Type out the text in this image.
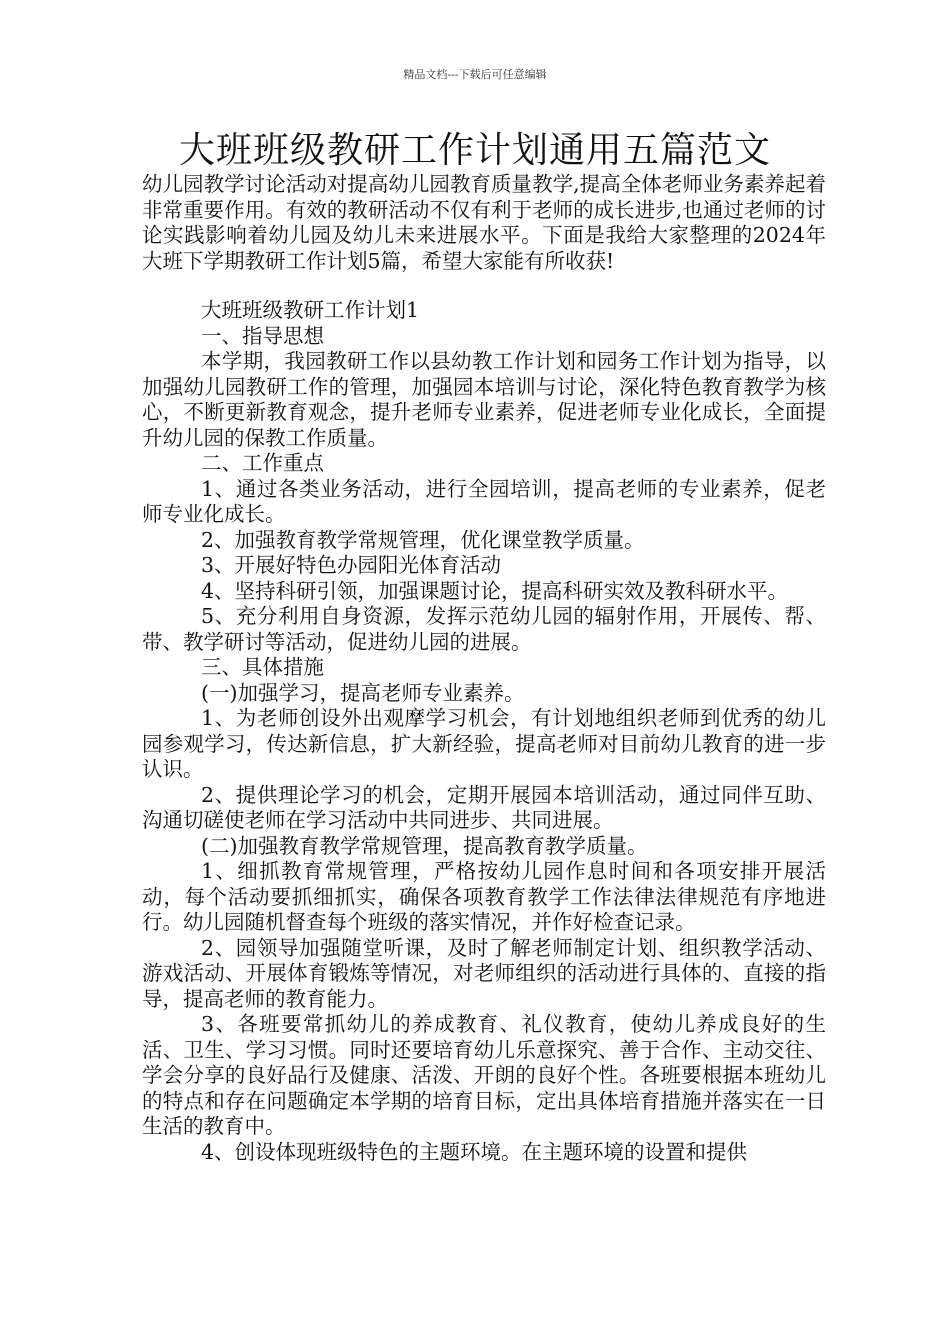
精品文档---下载后可任意编辑
大班班级教研工作计划通用五篇范文

幼儿园教学讨论活动对提高幼儿园教育质量教学,提高全体老师业务素养起着非常重要作用。有效的教研活动不仅有利于老师的成长进步,也通过老师的讨论实践影响着幼儿园及幼儿未来进展水平。下面是我给大家整理的2024年大班下学期教研工作计划5篇，希望大家能有所收获!

大班班级教研工作计划1

一、指导思想

本学期，我园教研工作以县幼教工作计划和园务工作计划为指导，以加强幼儿园教研工作的管理，加强园本培训与讨论，深化特色教育教学为核心，不断更新教育观念，提升老师专业素养，促进老师专业化成长，全面提升幼儿园的保教工作质量。

二、工作重点

1、通过各类业务活动，进行全园培训，提高老师的专业素养，促老师专业化成长。

2、加强教育教学常规管理，优化课堂教学质量。

3、开展好特色办园阳光体育活动

4、坚持科研引领，加强课题讨论，提高科研实效及教科研水平。

5、充分利用自身资源，发挥示范幼儿园的辐射作用，开展传、帮、带、教学研讨等活动，促进幼儿园的进展。

三、具体措施

(一)加强学习，提高老师专业素养。

1、为老师创设外出观摩学习机会，有计划地组织老师到优秀的幼儿园参观学习，传达新信息，扩大新经验，提高老师对目前幼儿教育的进一步认识。

2、提供理论学习的机会，定期开展园本培训活动，通过同伴互助、沟通切磋使老师在学习活动中共同进步、共同进展。

(二)加强教育教学常规管理，提高教育教学质量。

1、细抓教育常规管理，严格按幼儿园作息时间和各项安排开展活动，每个活动要抓细抓实，确保各项教育教学工作法律法律规范有序地进行。幼儿园随机督查每个班级的落实情况，并作好检查记录。

2、园领导加强随堂听课，及时了解老师制定计划、组织教学活动、游戏活动、开展体育锻炼等情况，对老师组织的活动进行具体的、直接的指导，提高老师的教育能力。

3、各班要常抓幼儿的养成教育、礼仪教育，使幼儿养成良好的生活、卫生、学习习惯。同时还要培育幼儿乐意探究、善于合作、主动交往、学会分享的良好品行及健康、活泼、开朗的良好个性。各班要根据本班幼儿的特点和存在问题确定本学期的培育目标，定出具体培育措施并落实在一日生活的教育中。

4、创设体现班级特色的主题环境。在主题环境的设置和提供
